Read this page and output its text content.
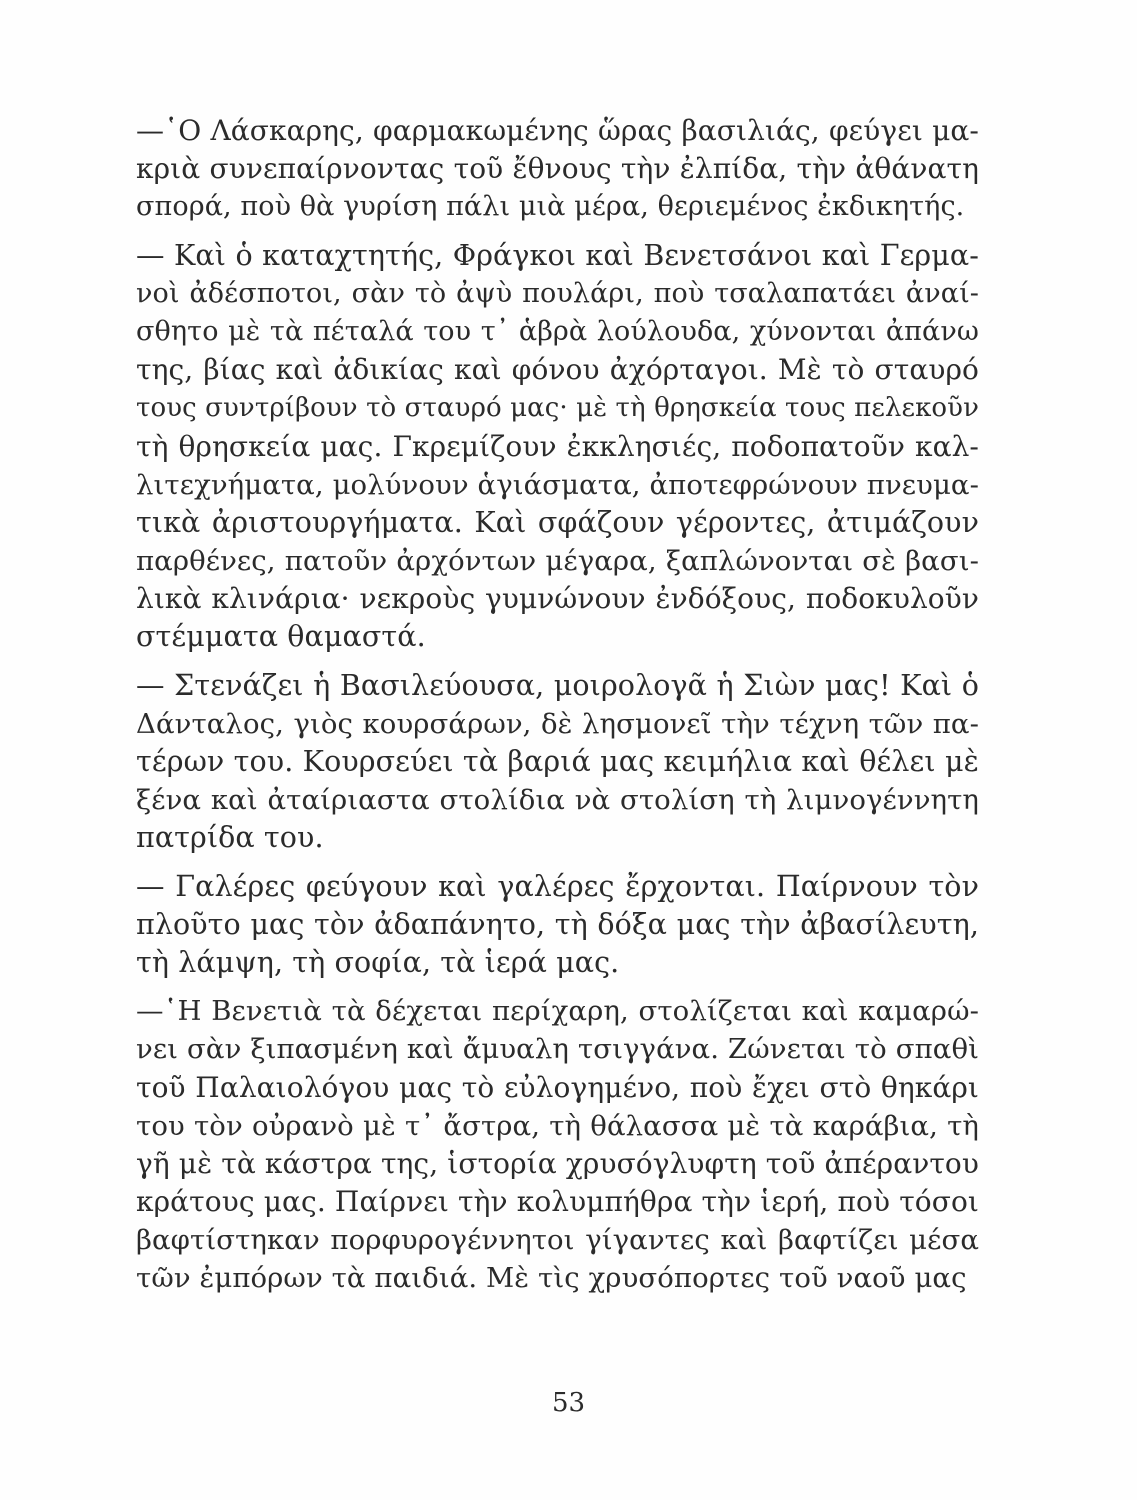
—῾Ο Λάσκαρης, φαρμακωμένης ὥρας βασιλιάς, φεύγει μα-
κριὰ συνεπαίρνοντας τοῦ ἔθνους τὴν ἐλπίδα, τὴν ἀθάνατη
σπορά, ποὺ θὰ γυρίση πάλι μιὰ μέρα, θεριεμένος ἐκδικητής.
— Καὶ ὁ καταχτητής, Φράγκοι καὶ Βενετσάνοι καὶ Γερμα-
νοὶ ἀδέσποτοι, σὰν τὸ ἀψὺ πουλάρι, ποὺ τσαλαπατάει ἀναί-
σθητο μὲ τὰ πέταλά του τ᾽ ἁβρὰ λούλουδα, χύνονται ἀπάνω
της, βίας καὶ ἀδικίας καὶ φόνου ἀχόρταγοι. Μὲ τὸ σταυρό
τους συντρίβουν τὸ σταυρό μας· μὲ τὴ θρησκεία τους πελεκοῦν
τὴ θρησκεία μας. Γκρεμίζουν ἐκκλησιές, ποδοπατοῦν καλ-
λιτεχνήματα, μολύνουν ἁγιάσματα, ἀποτεφρώνουν πνευμα-
τικὰ ἀριστουργήματα. Καὶ σφάζουν γέροντες, ἀτιμάζουν
παρθένες, πατοῦν ἀρχόντων μέγαρα, ξαπλώνονται σὲ βασι-
λικὰ κλινάρια· νεκροὺς γυμνώνουν ἐνδόξους, ποδοκυλοῦν
στέμματα θαμαστά.
— Στενάζει ἡ Βασιλεύουσα, μοιρολογᾶ ἡ Σιὼν μας! Καὶ ὁ
Δάνταλος, γιὸς κουρσάρων, δὲ λησμονεῖ τὴν τέχνη τῶν πα-
τέρων του. Κουρσεύει τὰ βαριά μας κειμήλια καὶ θέλει μὲ
ξένα καὶ ἀταίριαστα στολίδια νὰ στολίση τὴ λιμνογέννητη
πατρίδα του.
— Γαλέρες φεύγουν καὶ γαλέρες ἔρχονται. Παίρνουν τὸν
πλοῦτο μας τὸν ἀδαπάνητο, τὴ δόξα μας τὴν ἀβασίλευτη,
τὴ λάμψη, τὴ σοφία, τὰ ἱερά μας.
—῾Η Βενετιὰ τὰ δέχεται περίχαρη, στολίζεται καὶ καμαρώ-
νει σὰν ξιπασμένη καὶ ἄμυαλη τσιγγάνα. Ζώνεται τὸ σπαθὶ
τοῦ Παλαιολόγου μας τὸ εὐλογημένο, ποὺ ἔχει στὸ θηκάρι
του τὸν οὐρανὸ μὲ τ᾽ ἄστρα, τὴ θάλασσα μὲ τὰ καράβια, τὴ
γῆ μὲ τὰ κάστρα της, ἱστορία χρυσόγλυφτη τοῦ ἀπέραντου
κράτους μας. Παίρνει τὴν κολυμπήθρα τὴν ἱερή, ποὺ τόσοι
βαφτίστηκαν πορφυρογέννητοι γίγαντες καὶ βαφτίζει μέσα
τῶν ἐμπόρων τὰ παιδιά. Μὲ τὶς χρυσόπορτες τοῦ ναοῦ μας
53
